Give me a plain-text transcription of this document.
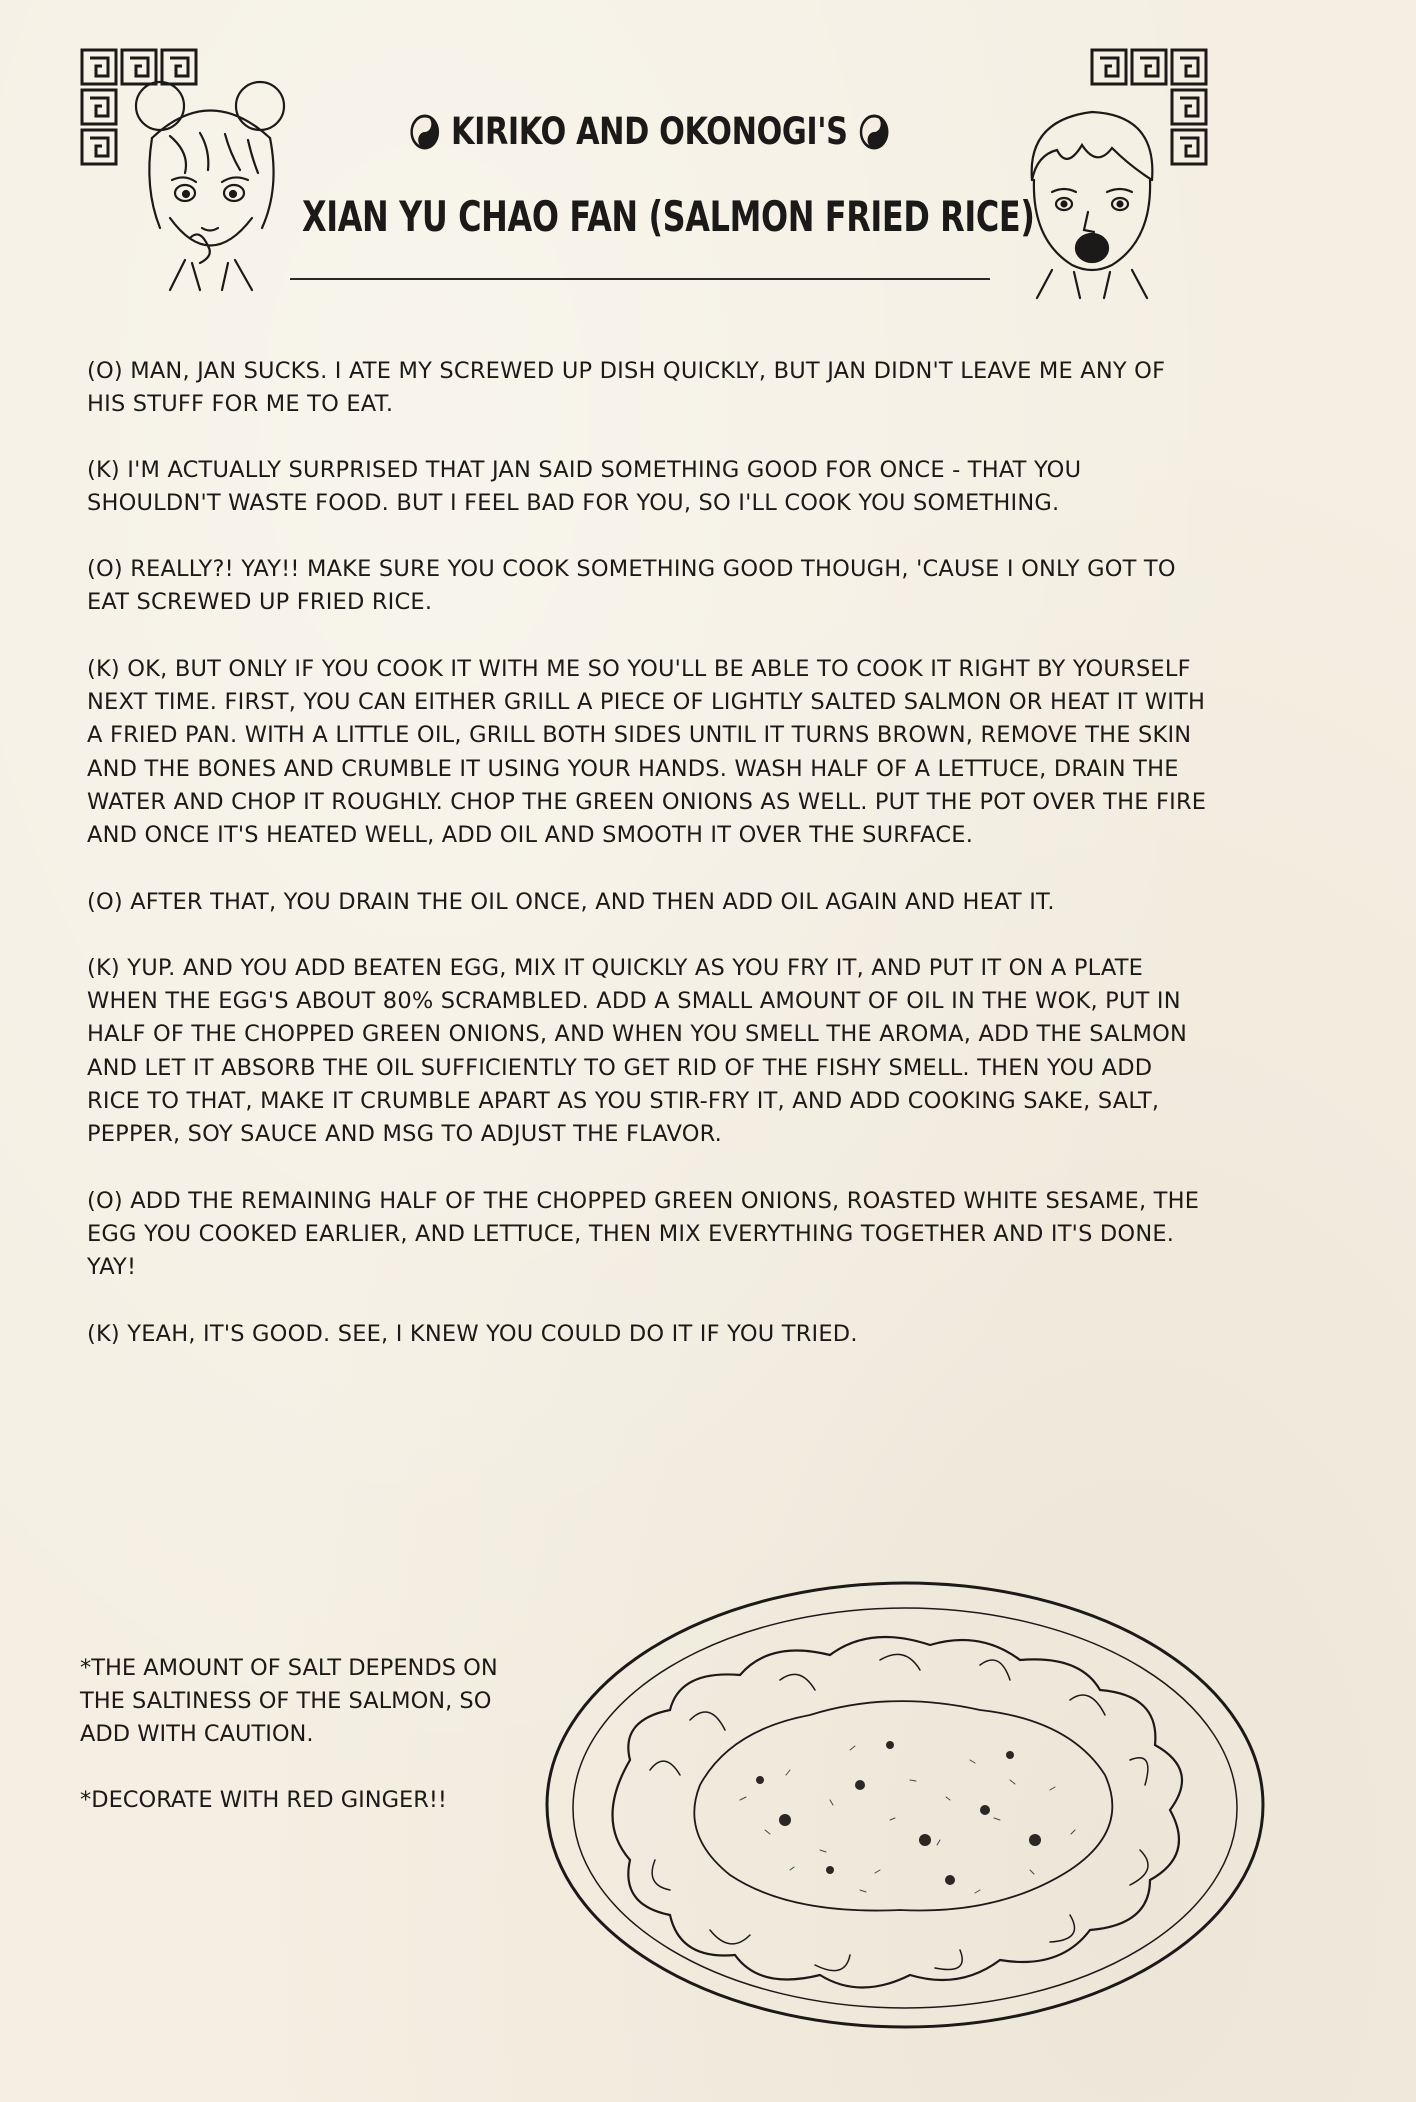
KIRIKO AND OKONOGI'S
XIAN YU CHAO FAN (SALMON FRIED RICE)

(O) MAN, JAN SUCKS. I ATE MY SCREWED UP DISH QUICKLY, BUT JAN DIDN'T LEAVE ME ANY OF HIS STUFF FOR ME TO EAT.

(K) I'M ACTUALLY SURPRISED THAT JAN SAID SOMETHING GOOD FOR ONCE - THAT YOU SHOULDN'T WASTE FOOD. BUT I FEEL BAD FOR YOU, SO I'LL COOK YOU SOMETHING.

(O) REALLY?! YAY!! MAKE SURE YOU COOK SOMETHING GOOD THOUGH, 'CAUSE I ONLY GOT TO EAT SCREWED UP FRIED RICE.

(K) OK, BUT ONLY IF YOU COOK IT WITH ME SO YOU'LL BE ABLE TO COOK IT RIGHT BY YOURSELF NEXT TIME. FIRST, YOU CAN EITHER GRILL A PIECE OF LIGHTLY SALTED SALMON OR HEAT IT WITH A FRIED PAN. WITH A LITTLE OIL, GRILL BOTH SIDES UNTIL IT TURNS BROWN, REMOVE THE SKIN AND THE BONES AND CRUMBLE IT USING YOUR HANDS. WASH HALF OF A LETTUCE, DRAIN THE WATER AND CHOP IT ROUGHLY. CHOP THE GREEN ONIONS AS WELL. PUT THE POT OVER THE FIRE AND ONCE IT'S HEATED WELL, ADD OIL AND SMOOTH IT OVER THE SURFACE.

(O) AFTER THAT, YOU DRAIN THE OIL ONCE, AND THEN ADD OIL AGAIN AND HEAT IT.

(K) YUP. AND YOU ADD BEATEN EGG, MIX IT QUICKLY AS YOU FRY IT, AND PUT IT ON A PLATE WHEN THE EGG'S ABOUT 80% SCRAMBLED. ADD A SMALL AMOUNT OF OIL IN THE WOK, PUT IN HALF OF THE CHOPPED GREEN ONIONS, AND WHEN YOU SMELL THE AROMA, ADD THE SALMON AND LET IT ABSORB THE OIL SUFFICIENTLY TO GET RID OF THE FISHY SMELL. THEN YOU ADD RICE TO THAT, MAKE IT CRUMBLE APART AS YOU STIR-FRY IT, AND ADD COOKING SAKE, SALT, PEPPER, SOY SAUCE AND MSG TO ADJUST THE FLAVOR.

(O) ADD THE REMAINING HALF OF THE CHOPPED GREEN ONIONS, ROASTED WHITE SESAME, THE EGG YOU COOKED EARLIER, AND LETTUCE, THEN MIX EVERYTHING TOGETHER AND IT'S DONE. YAY!

(K) YEAH, IT'S GOOD. SEE, I KNEW YOU COULD DO IT IF YOU TRIED.

*THE AMOUNT OF SALT DEPENDS ON THE SALTINESS OF THE SALMON, SO ADD WITH CAUTION.

*DECORATE WITH RED GINGER!!
